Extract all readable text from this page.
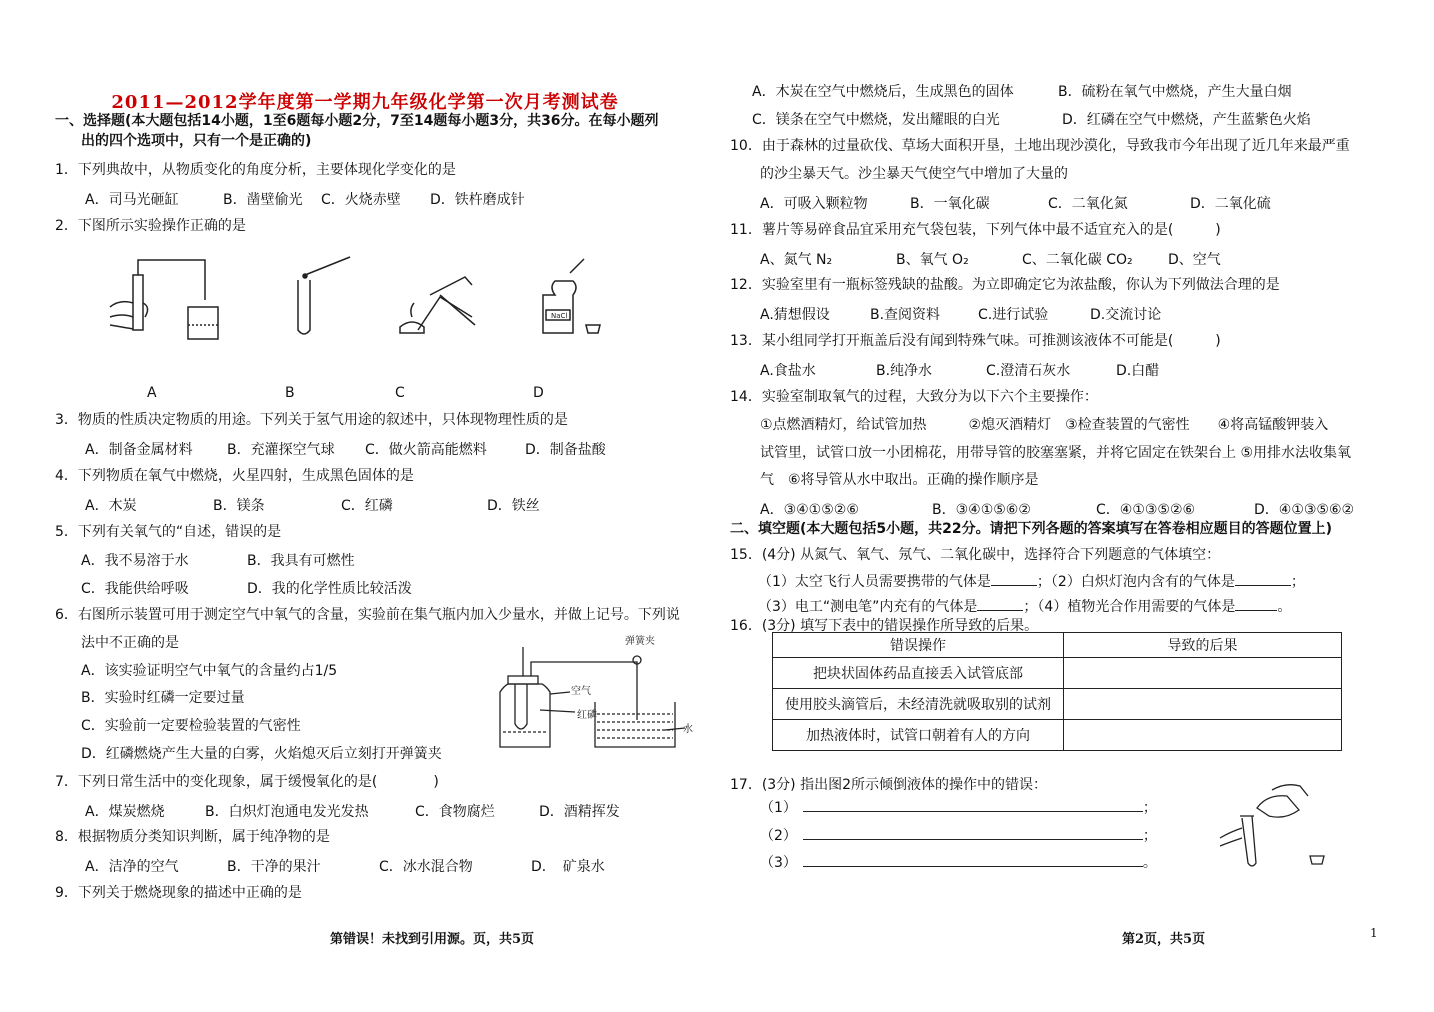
2011—2012学年度第一学期九年级化学第一次月考测试卷
一、选择题(本大题包括14小题，1至6题每小题2分，7至14题每小题3分，共36分。在每小题列
出的四个选项中，只有一个是正确的)
1．下列典故中，从物质变化的角度分析，主要体现化学变化的是
A．司马光砸缸	B．凿壁偷光 C．火烧赤壁 D．铁杵磨成针
2．下图所示实验操作正确的是
NaCl
A	B	C	D
3．物质的性质决定物质的用途。下列关于氢气用途的叙述中，只体现物理性质的是
A．制备金属材料 B．充灌探空气球 C．做火箭高能燃料	D．制备盐酸
4．下列物质在氧气中燃烧，火星四射，生成黑色固体的是
A．木炭	B．镁条	C．红磷	D．铁丝
5．下列有关氧气的“自述，错误的是
A．我不易溶于水	B．我具有可燃性
C．我能供给呼吸	D．我的化学性质比较活泼
6．右图所示装置可用于测定空气中氧气的含量，实验前在集气瓶内加入少量水，并做上记号。下列说
法中不正确的是
A．该实验证明空气中氧气的含量约占1/5
B．实验时红磷一定要过量
C．实验前一定要检验装置的气密性
D．红磷燃烧产生大量的白雾，火焰熄灭后立刻打开弹簧夹
弹簧夹
空气
红磷
水
7．下列日常生活中的变化现象，属于缓慢氧化的是(　　　　)
A．煤炭燃烧	B．白炽灯泡通电发光发热	C．食物腐烂	D．酒精挥发
8．根据物质分类知识判断，属于纯净物的是
A．洁净的空气	B．干净的果汁	C．冰水混合物	D．　矿泉水
9．下列关于燃烧现象的描述中正确的是
第错误！未找到引用源。页，共5页
A．木炭在空气中燃烧后，生成黑色的固体	B．硫粉在氧气中燃烧，产生大量白烟
C．镁条在空气中燃烧，发出耀眼的白光	D．红磷在空气中燃烧，产生蓝紫色火焰
10．由于森林的过量砍伐、草场大面积开垦，土地出现沙漠化，导致我市今年出现了近几年来最严重
的沙尘暴天气。沙尘暴天气使空气中增加了大量的
A．可吸入颗粒物	B．一氧化碳	C．二氧化氮	D．二氧化硫
11．薯片等易碎食品宜采用充气袋包装，下列气体中最不适宜充入的是(　　　)
A、氮气 N₂	B、氧气 O₂	C、二氧化碳 CO₂	D、空气
12．实验室里有一瓶标签残缺的盐酸。为立即确定它为浓盐酸，你认为下列做法合理的是
A.猜想假设	B.查阅资料	C.进行试验	D.交流讨论
13．某小组同学打开瓶盖后没有闻到特殊气味。可推测该液体不可能是(　　　)
A.食盐水	B.纯净水	C.澄清石灰水	D.白醋
14．实验室制取氧气的过程，大致分为以下六个主要操作：
①点燃酒精灯，给试管加热　　　②熄灭酒精灯　③检查装置的气密性　　④将高锰酸钾装入
试管里，试管口放一小团棉花，用带导管的胶塞塞紧，并将它固定在铁架台上 ⑤用排水法收集氧
气　⑥将导管从水中取出。正确的操作顺序是
A．③④①⑤②⑥	B．③④①⑤⑥②	C．④①③⑤②⑥	D．④①③⑤⑥②
二、填空题(本大题包括5小题，共22分。请把下列各题的答案填写在答卷相应题目的答题位置上)
15．(4分) 从氮气、氧气、氖气、二氧化碳中，选择符合下列题意的气体填空：
（1）太空飞行人员需要携带的气体是	；（2）白炽灯泡内含有的气体是	；
（3）电工“测电笔”内充有的气体是	；（4）植物光合作用需要的气体是	。
16．(3分) 填写下表中的错误操作所导致的后果。
错误操作	导致的后果
把块状固体药品直接丢入试管底部	
使用胶头滴管后，未经清洗就吸取别的试剂	
加热液体时，试管口朝着有人的方向	
17．(3分) 指出图2所示倾倒液体的操作中的错误：
（1）	；
（2）	；
（3）	。
第2页，共5页	1
